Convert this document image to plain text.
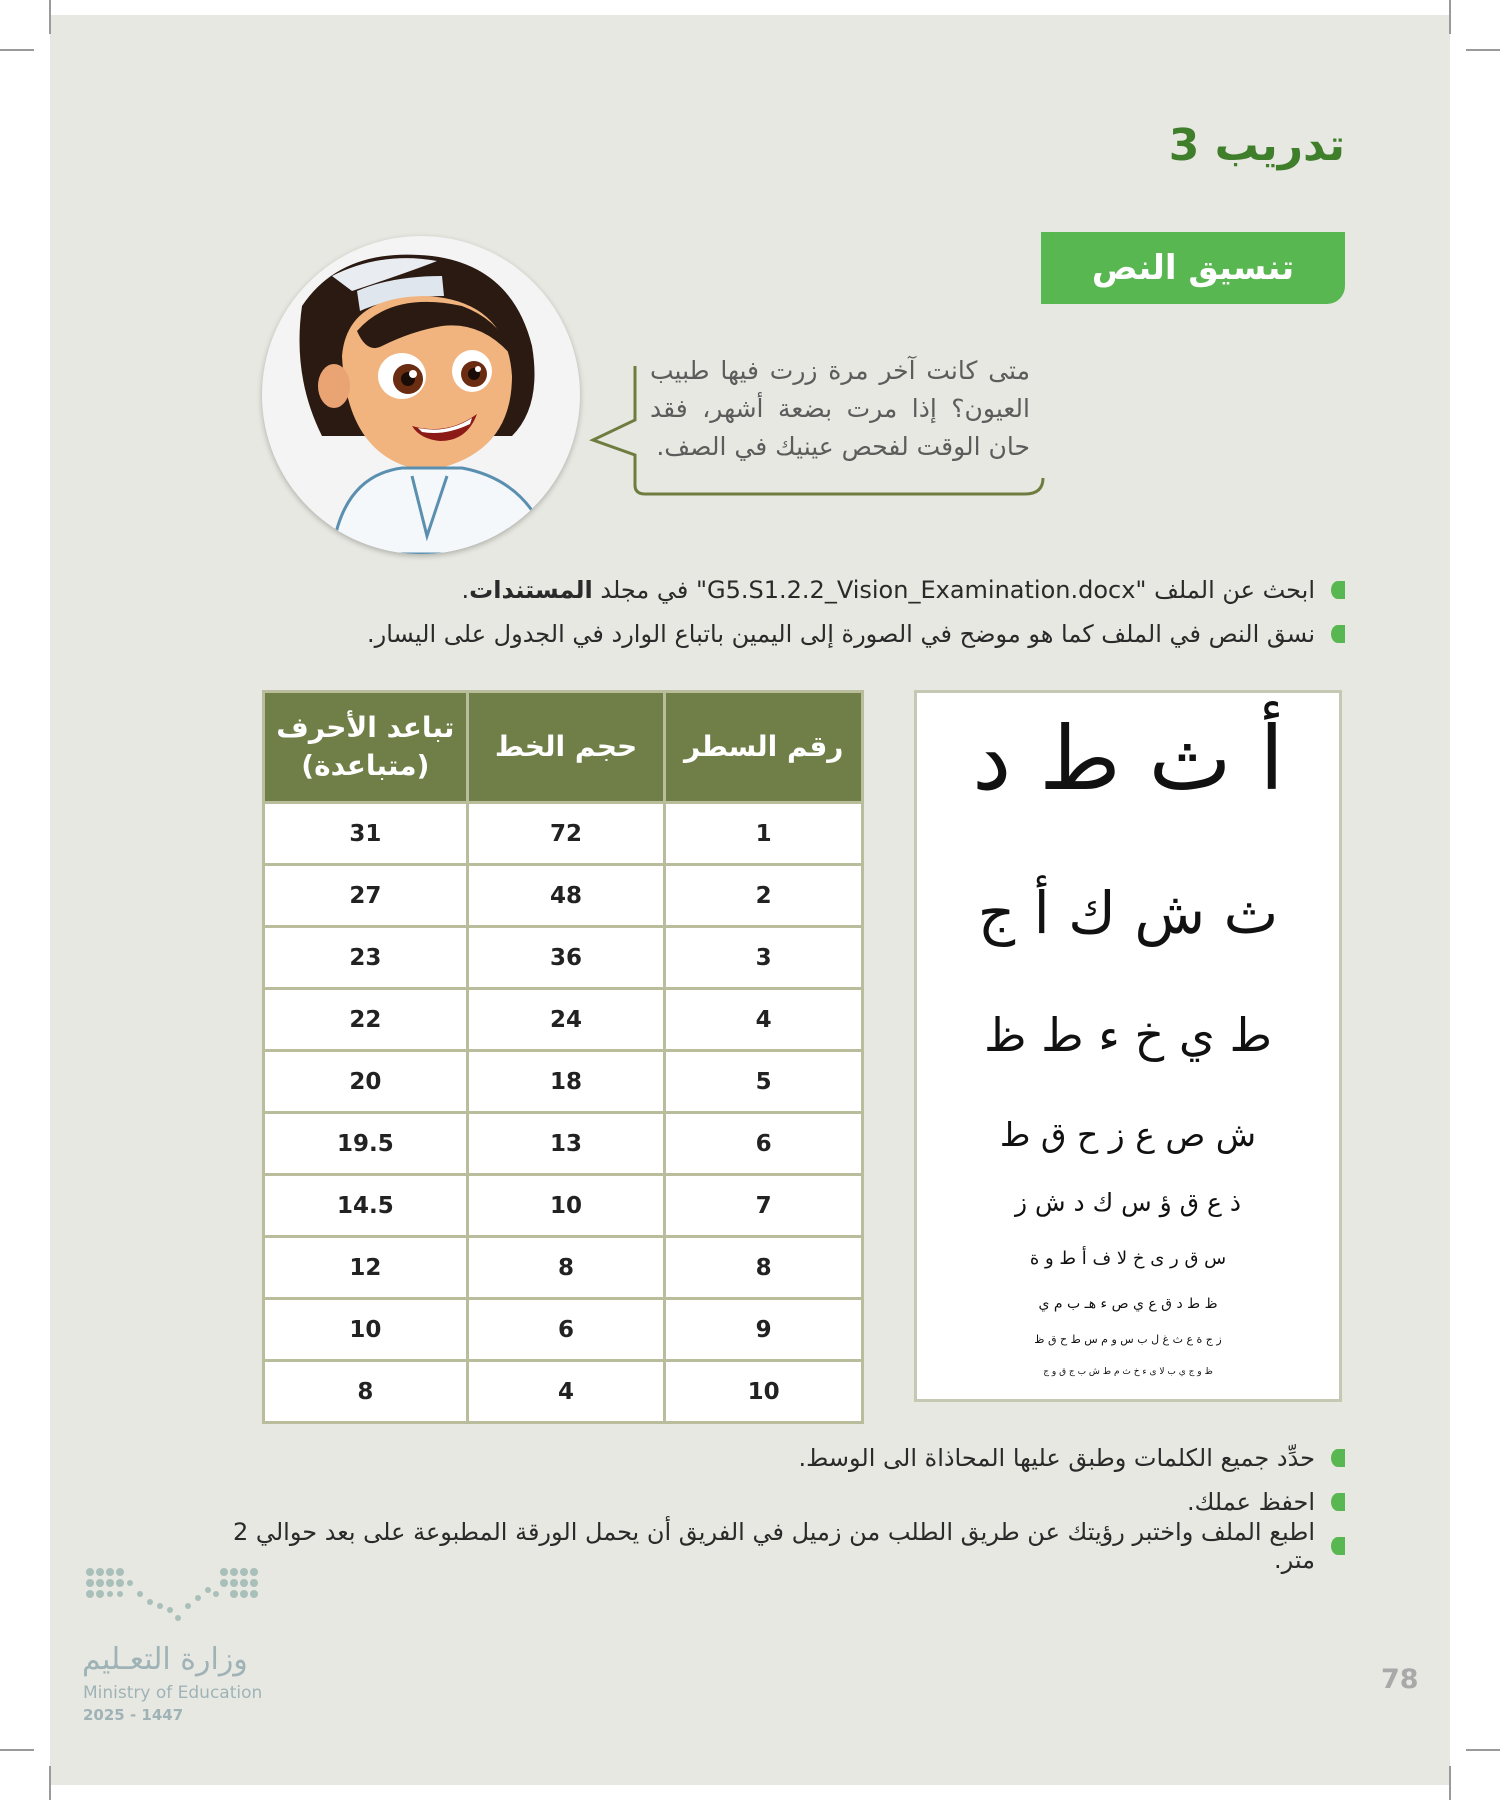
تدريب 3
تنسيق النص
متى كانت آخر مرة زرت فيها طبيب العيون؟ إذا مرت بضعة أشهر، فقد حان الوقت لفحص عينيك في الصف.
ابحث عن الملف "G5.S1.2.2_Vision_Examination.docx" في مجلد المستندات.
نسق النص في الملف كما هو موضح في الصورة إلى اليمين باتباع الوارد في الجدول على اليسار.
رقم السطر	حجم الخط	تباعد الأحرف (متباعدة)
1	72	31
2	48	27
3	36	23
4	24	22
5	18	20
6	13	19.5
7	10	14.5
8	8	12
9	6	10
10	4	8
أ ث ط د
ث ش ك أ ج
ط ي خ ء ط ظ
ش ص ع ز ح ق ط
ذ ع ق ؤ س ك د ش ز
س ق ر ى خ لا ف أ ط و ة
ظ ط د ق ع ي ص ء هـ ب م ي
ز ج ة ع ث غ ل ب س و م س ط ح ق ظ
ظ و ج ي ب لا ى ء خ ث م ط ش ب ج ق و ج
حدِّد جميع الكلمات وطبق عليها المحاذاة الى الوسط.
احفظ عملك.
اطبع الملف واختبر رؤيتك عن طريق الطلب من زميل في الفريق أن يحمل الورقة المطبوعة على بعد حوالي 2 متر.
وزارة التعـليم
Ministry of Education
2025 - 1447
78
